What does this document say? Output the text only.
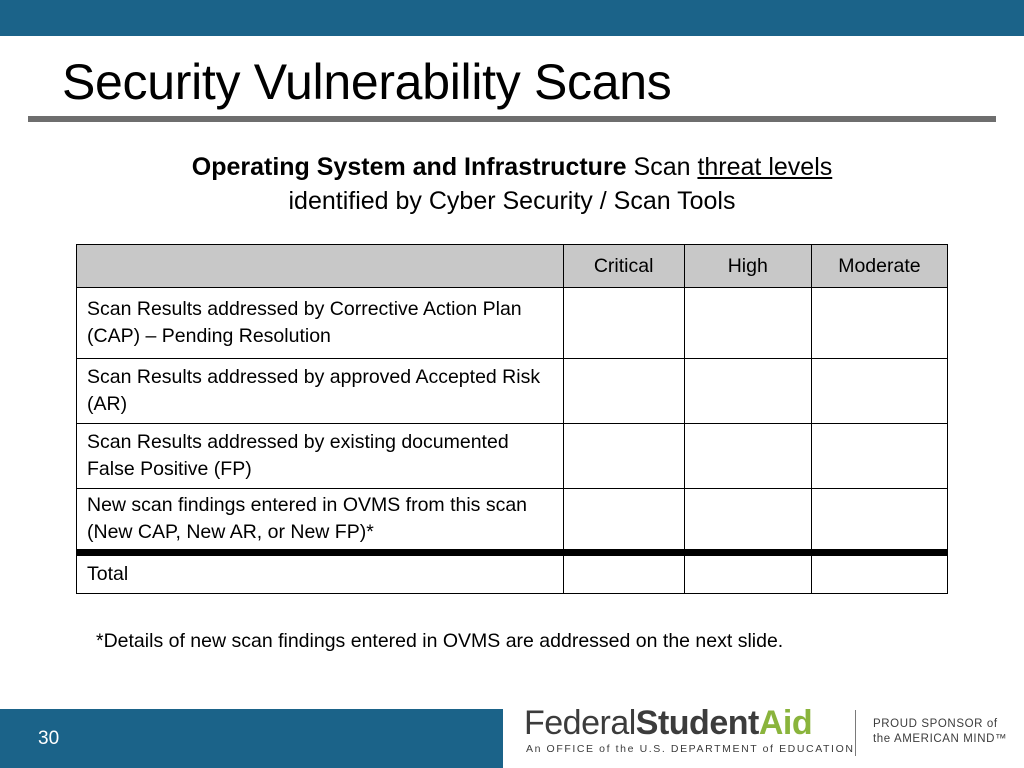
Security Vulnerability Scans
Operating System and Infrastructure Scan threat levels
identified by Cyber Security / Scan Tools
	Critical	High	Moderate
Scan Results addressed by Corrective Action Plan (CAP) – Pending Resolution			
Scan Results addressed by approved Accepted Risk (AR)			
Scan Results addressed by existing documented False Positive (FP)			
New scan findings entered in OVMS from this scan (New CAP, New AR, or New FP)*			
Total			
*Details of new scan findings entered in OVMS are addressed on the next slide.
30	FederalStudentAid
An OFFICE of the U.S. DEPARTMENT of EDUCATION
PROUD SPONSOR of
the AMERICAN MIND™
